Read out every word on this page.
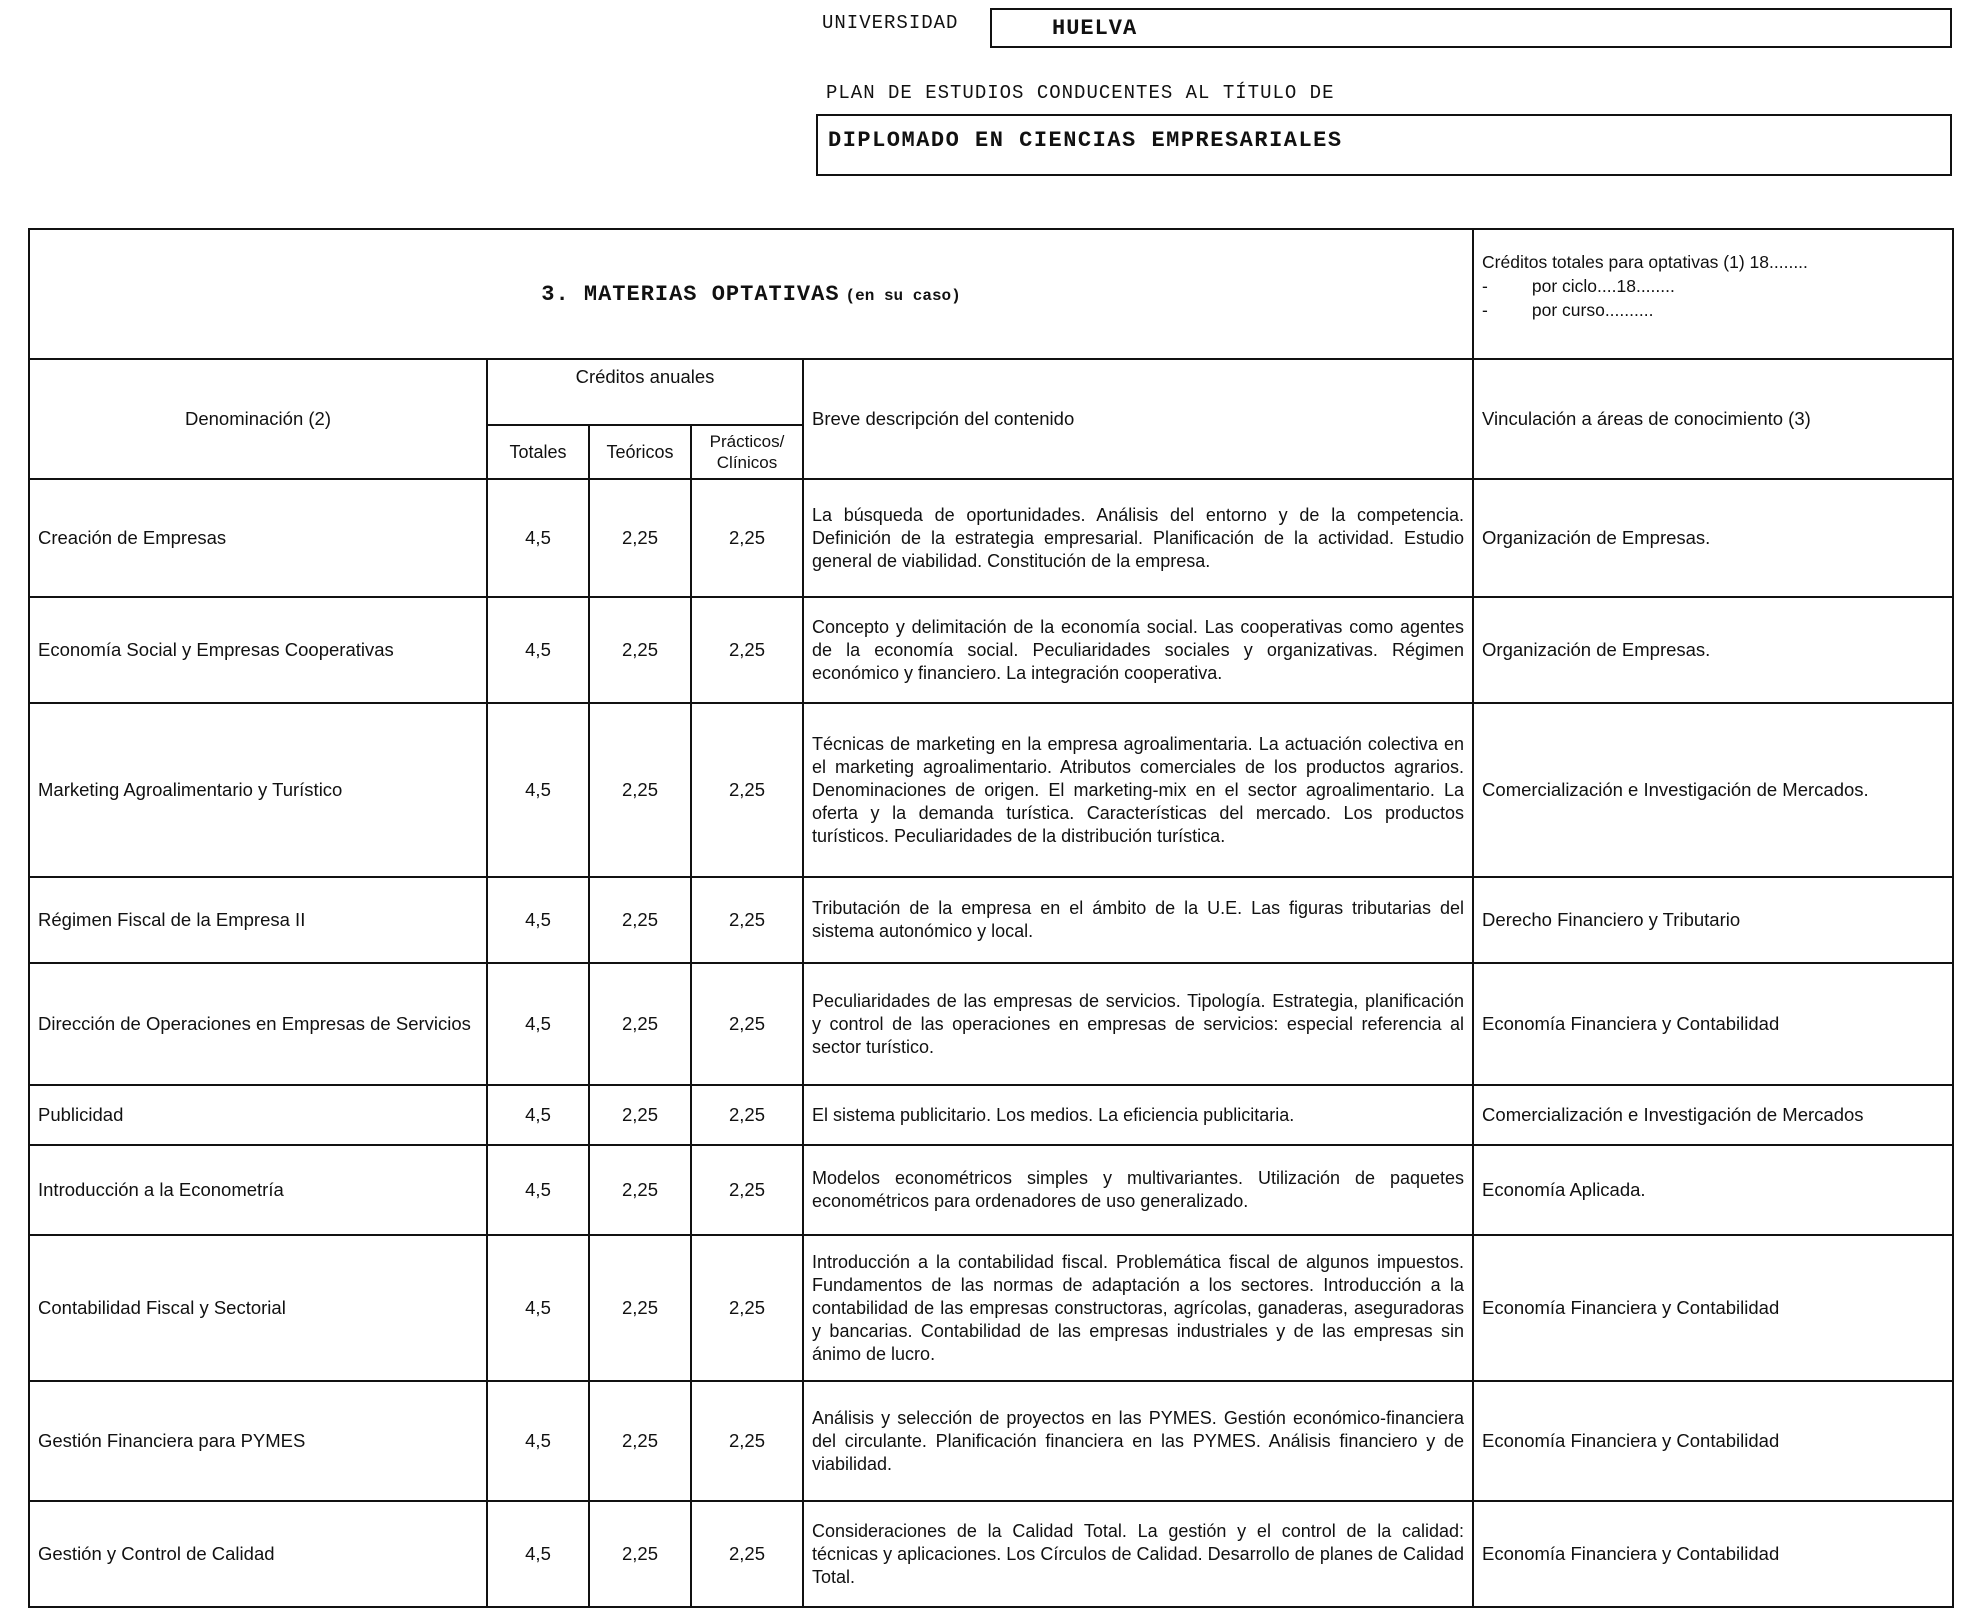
UNIVERSIDAD	HUELVA
PLAN DE ESTUDIOS CONDUCENTES AL TÍTULO DE
DIPLOMADO EN CIENCIAS EMPRESARIALES
3. MATERIAS OPTATIVAS (en su caso)					Créditos totales para optativas (1) 18........
- por ciclo....18........
- por curso..........

Denominación (2)	Créditos anuales			Breve descripción del contenido	Vinculación a áreas de conocimiento (3)
	Totales	Teóricos	Prácticos/ Clínicos		
Creación de Empresas	4,5	2,25	2,25	La búsqueda de oportunidades. Análisis del entorno y de la competencia. Definición de la estrategia empresarial. Planificación de la actividad. Estudio general de viabilidad. Constitución de la empresa.	Organización de Empresas.
Economía Social y Empresas Cooperativas	4,5	2,25	2,25	Concepto y delimitación de la economía social. Las cooperativas como agentes de la economía social. Peculiaridades sociales y organizativas. Régimen económico y financiero. La integración cooperativa.	Organización de Empresas.
Marketing Agroalimentario y Turístico	4,5	2,25	2,25	Técnicas de marketing en la empresa agroalimentaria. La actuación colectiva en el marketing agroalimentario. Atributos comerciales de los productos agrarios. Denominaciones de origen. El marketing-mix en el sector agroalimentario. La oferta y la demanda turística. Características del mercado. Los productos turísticos. Peculiaridades de la distribución turística.	Comercialización e Investigación de Mercados.
Régimen Fiscal de la Empresa II	4,5	2,25	2,25	Tributación de la empresa en el ámbito de la U.E. Las figuras tributarias del sistema autonómico y local.	Derecho Financiero y Tributario
Dirección de Operaciones en Empresas de Servicios	4,5	2,25	2,25	Peculiaridades de las empresas de servicios. Tipología. Estrategia, planificación y control de las operaciones en empresas de servicios: especial referencia al sector turístico.	Economía Financiera y Contabilidad
Publicidad	4,5	2,25	2,25	El sistema publicitario. Los medios. La eficiencia publicitaria.	Comercialización e Investigación de Mercados
Introducción a la Econometría	4,5	2,25	2,25	Modelos econométricos simples y multivariantes. Utilización de paquetes econométricos para ordenadores de uso generalizado.	Economía Aplicada.
Contabilidad Fiscal y Sectorial	4,5	2,25	2,25	Introducción a la contabilidad fiscal. Problemática fiscal de algunos impuestos. Fundamentos de las normas de adaptación a los sectores. Introducción a la contabilidad de las empresas constructoras, agrícolas, ganaderas, aseguradoras y bancarias. Contabilidad de las empresas industriales y de las empresas sin ánimo de lucro.	Economía Financiera y Contabilidad
Gestión Financiera para PYMES	4,5	2,25	2,25	Análisis y selección de proyectos en las PYMES. Gestión económico-financiera del circulante. Planificación financiera en las PYMES. Análisis financiero y de viabilidad.	Economía Financiera y Contabilidad
Gestión y Control de Calidad	4,5	2,25	2,25	Consideraciones de la Calidad Total. La gestión y el control de la calidad: técnicas y aplicaciones. Los Círculos de Calidad. Desarrollo de planes de Calidad Total.	Economía Financiera y Contabilidad
